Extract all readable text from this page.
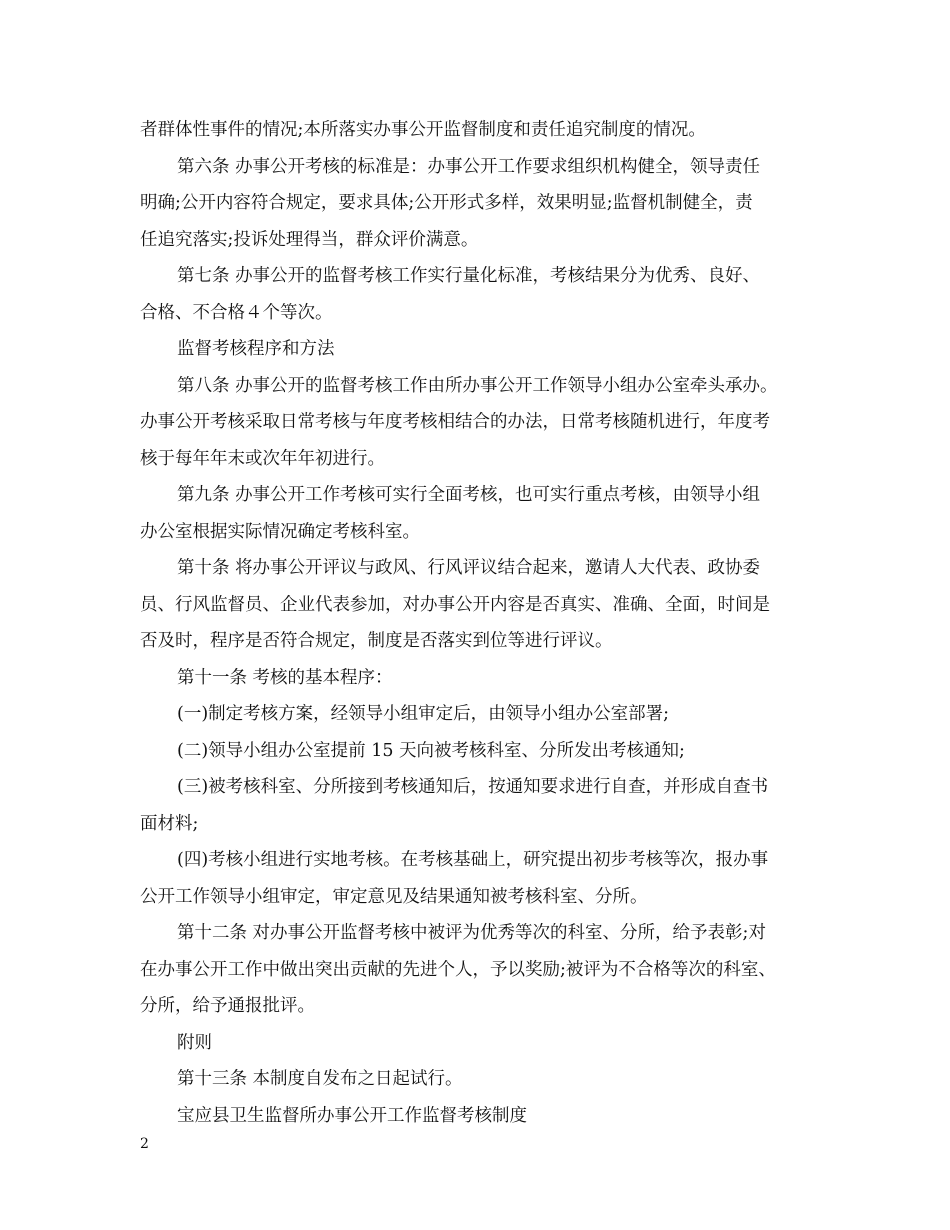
者群体性事件的情况;本所落实办事公开监督制度和责任追究制度的情况。
第六条 办事公开考核的标准是：办事公开工作要求组织机构健全，领导责任
明确;公开内容符合规定，要求具体;公开形式多样，效果明显;监督机制健全，责
任追究落实;投诉处理得当，群众评价满意。
第七条 办事公开的监督考核工作实行量化标准，考核结果分为优秀、良好、
合格、不合格４个等次。
监督考核程序和方法
第八条 办事公开的监督考核工作由所办事公开工作领导小组办公室牵头承办。
办事公开考核采取日常考核与年度考核相结合的办法，日常考核随机进行，年度考
核于每年年末或次年年初进行。
第九条 办事公开工作考核可实行全面考核，也可实行重点考核，由领导小组
办公室根据实际情况确定考核科室。
第十条 将办事公开评议与政风、行风评议结合起来，邀请人大代表、政协委
员、行风监督员、企业代表参加，对办事公开内容是否真实、准确、全面，时间是
否及时，程序是否符合规定，制度是否落实到位等进行评议。
第十一条 考核的基本程序：
(一)制定考核方案，经领导小组审定后，由领导小组办公室部署;
(二)领导小组办公室提前 15 天向被考核科室、分所发出考核通知;
(三)被考核科室、分所接到考核通知后，按通知要求进行自查，并形成自查书
面材料;
(四)考核小组进行实地考核。在考核基础上，研究提出初步考核等次，报办事
公开工作领导小组审定，审定意见及结果通知被考核科室、分所。
第十二条 对办事公开监督考核中被评为优秀等次的科室、分所，给予表彰;对
在办事公开工作中做出突出贡献的先进个人，予以奖励;被评为不合格等次的科室、
分所，给予通报批评。
附则
第十三条 本制度自发布之日起试行。
宝应县卫生监督所办事公开工作监督考核制度
2
